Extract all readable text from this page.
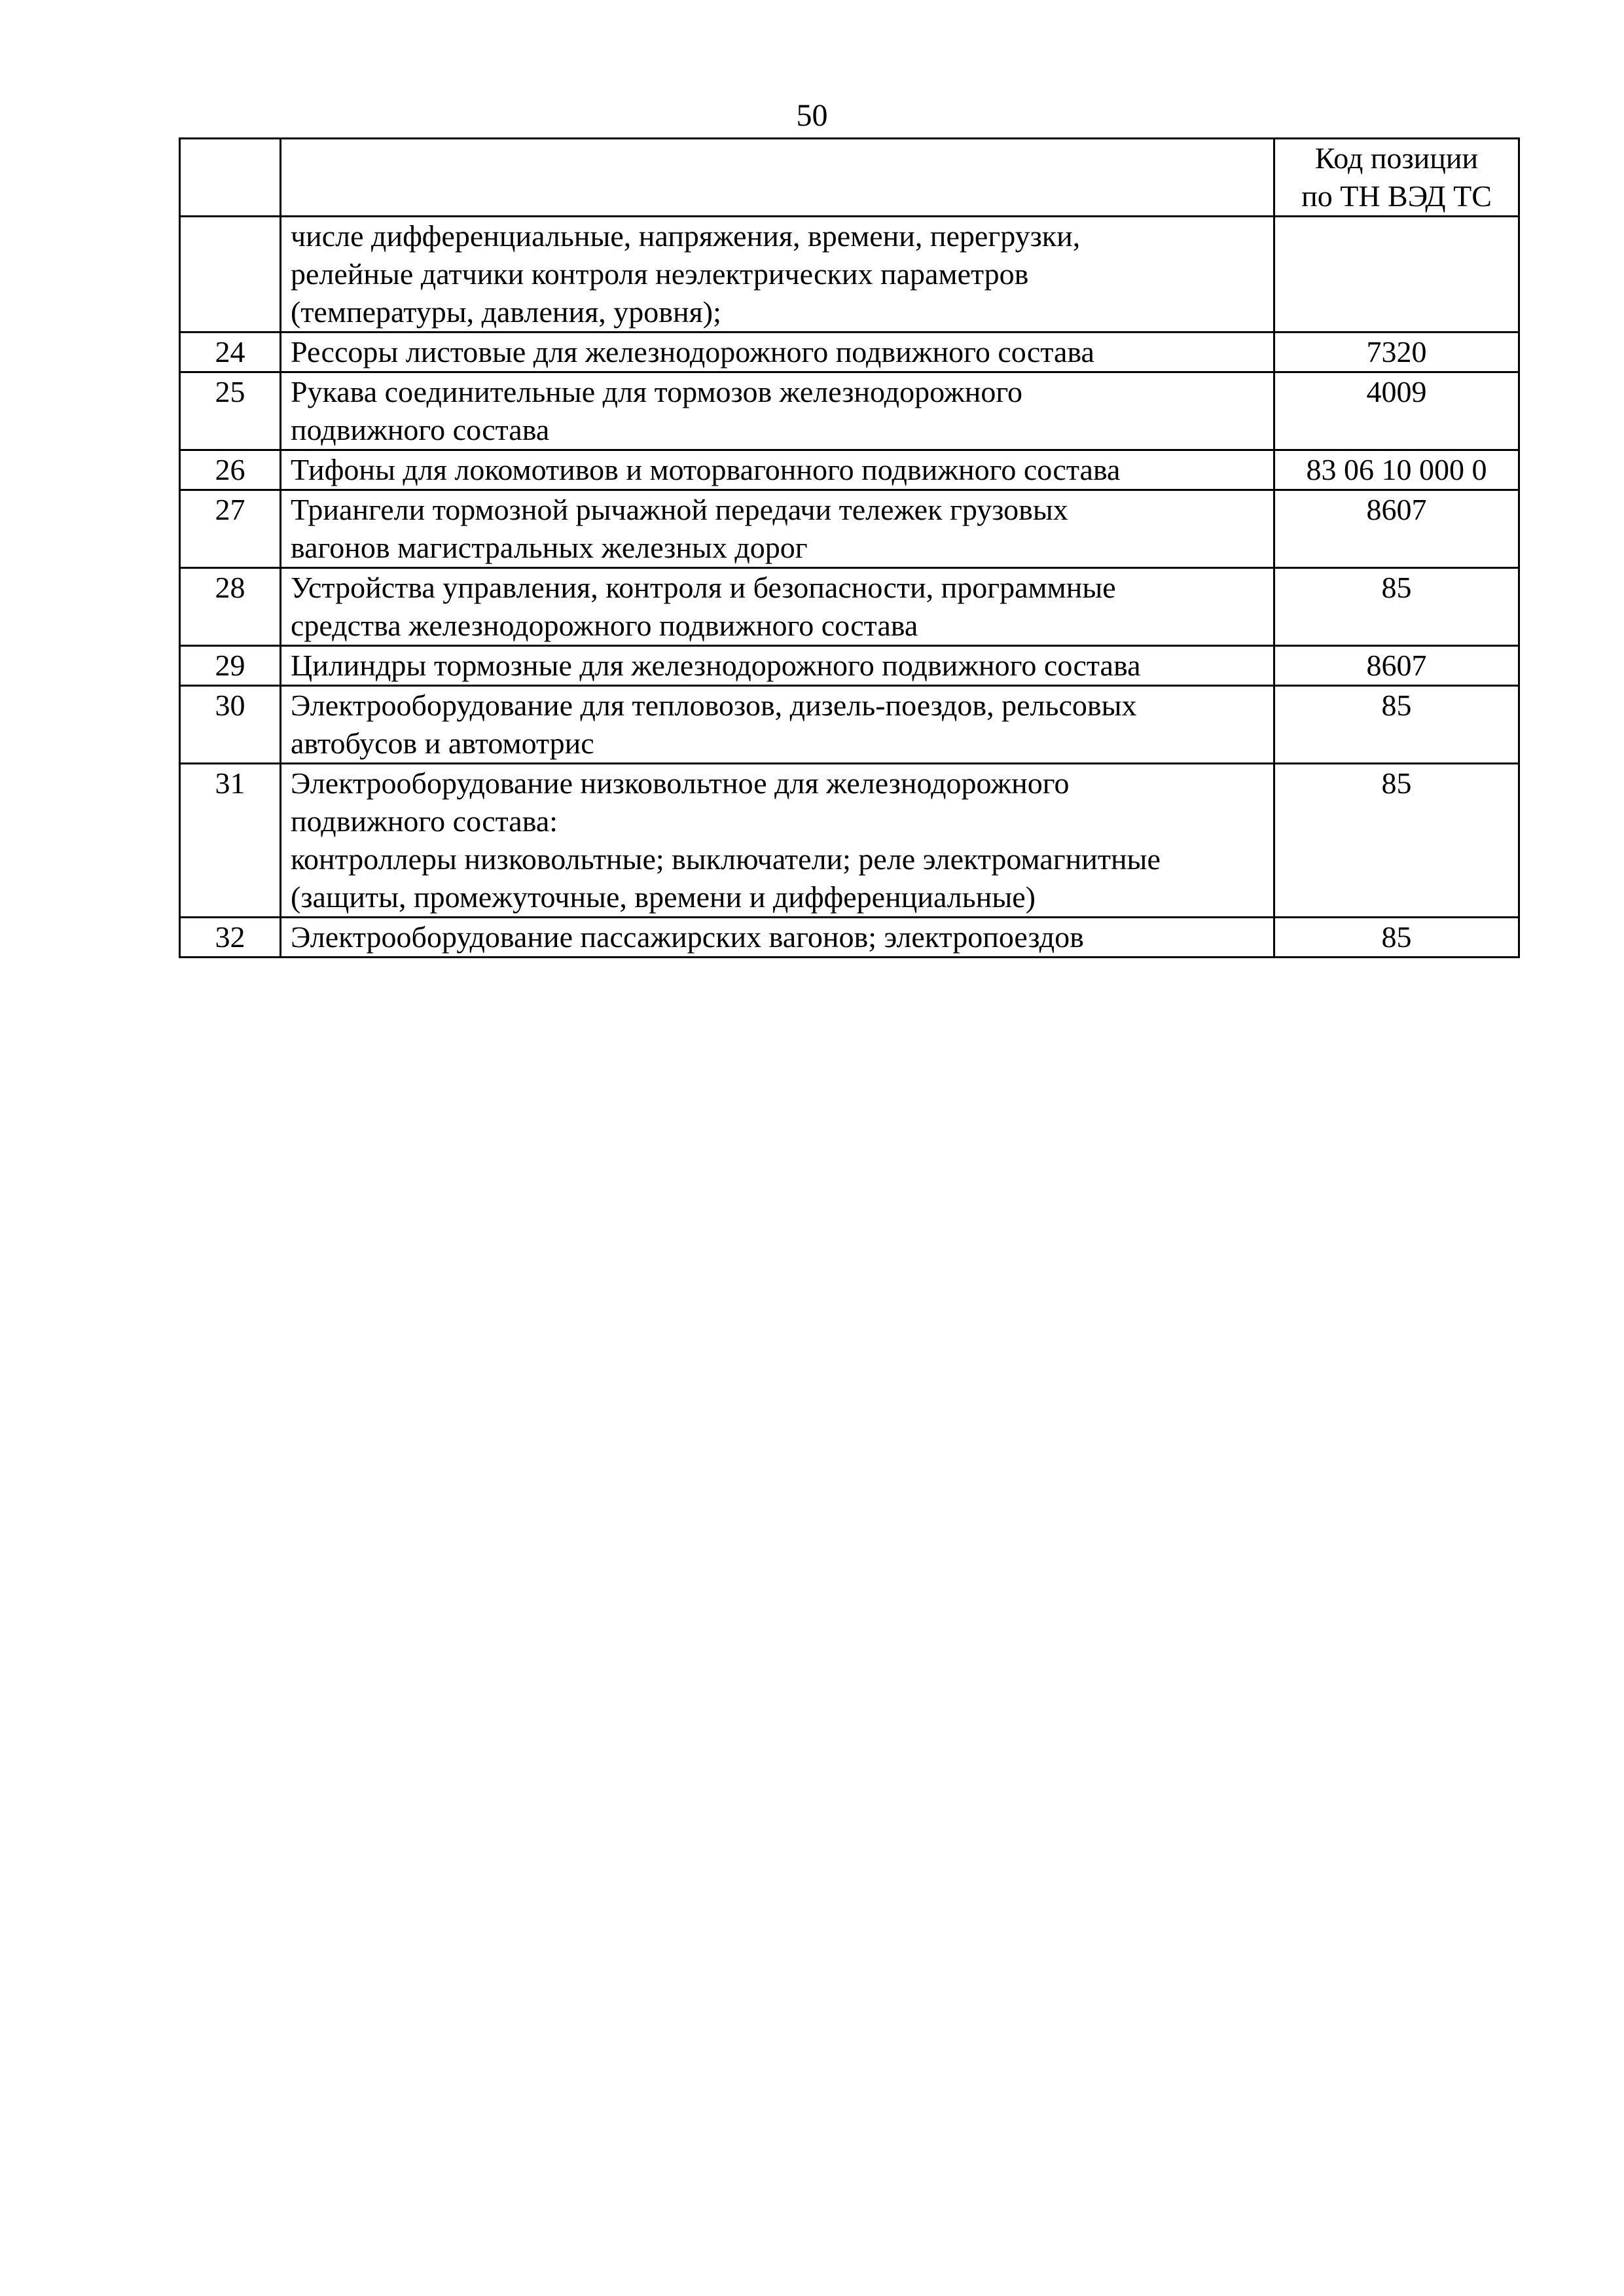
50

		Код позиции
по ТН ВЭД ТС

	числе дифференциальные, напряжения, времени, перегрузки,
релейные датчики контроля неэлектрических параметров
(температуры, давления, уровня);	

24	Рессоры листовые для железнодорожного подвижного состава	7320
25	Рукава соединительные для тормозов железнодорожного
подвижного состава	4009
26	Тифоны для локомотивов и моторвагонного подвижного состава	83 06 10 000 0
27	Триангели тормозной рычажной передачи тележек грузовых
вагонов магистральных железных дорог	8607
28	Устройства управления, контроля и безопасности, программные
средства железнодорожного подвижного состава	85
29	Цилиндры тормозные для железнодорожного подвижного состава	8607
30	Электрооборудование для тепловозов, дизель-поездов, рельсовых
автобусов и автомотрис	85
31	Электрооборудование низковольтное для железнодорожного
подвижного состава:
контроллеры низковольтные; выключатели; реле электромагнитные
(защиты, промежуточные, времени и дифференциальные)	85
32	Электрооборудование пассажирских вагонов; электропоездов	85
